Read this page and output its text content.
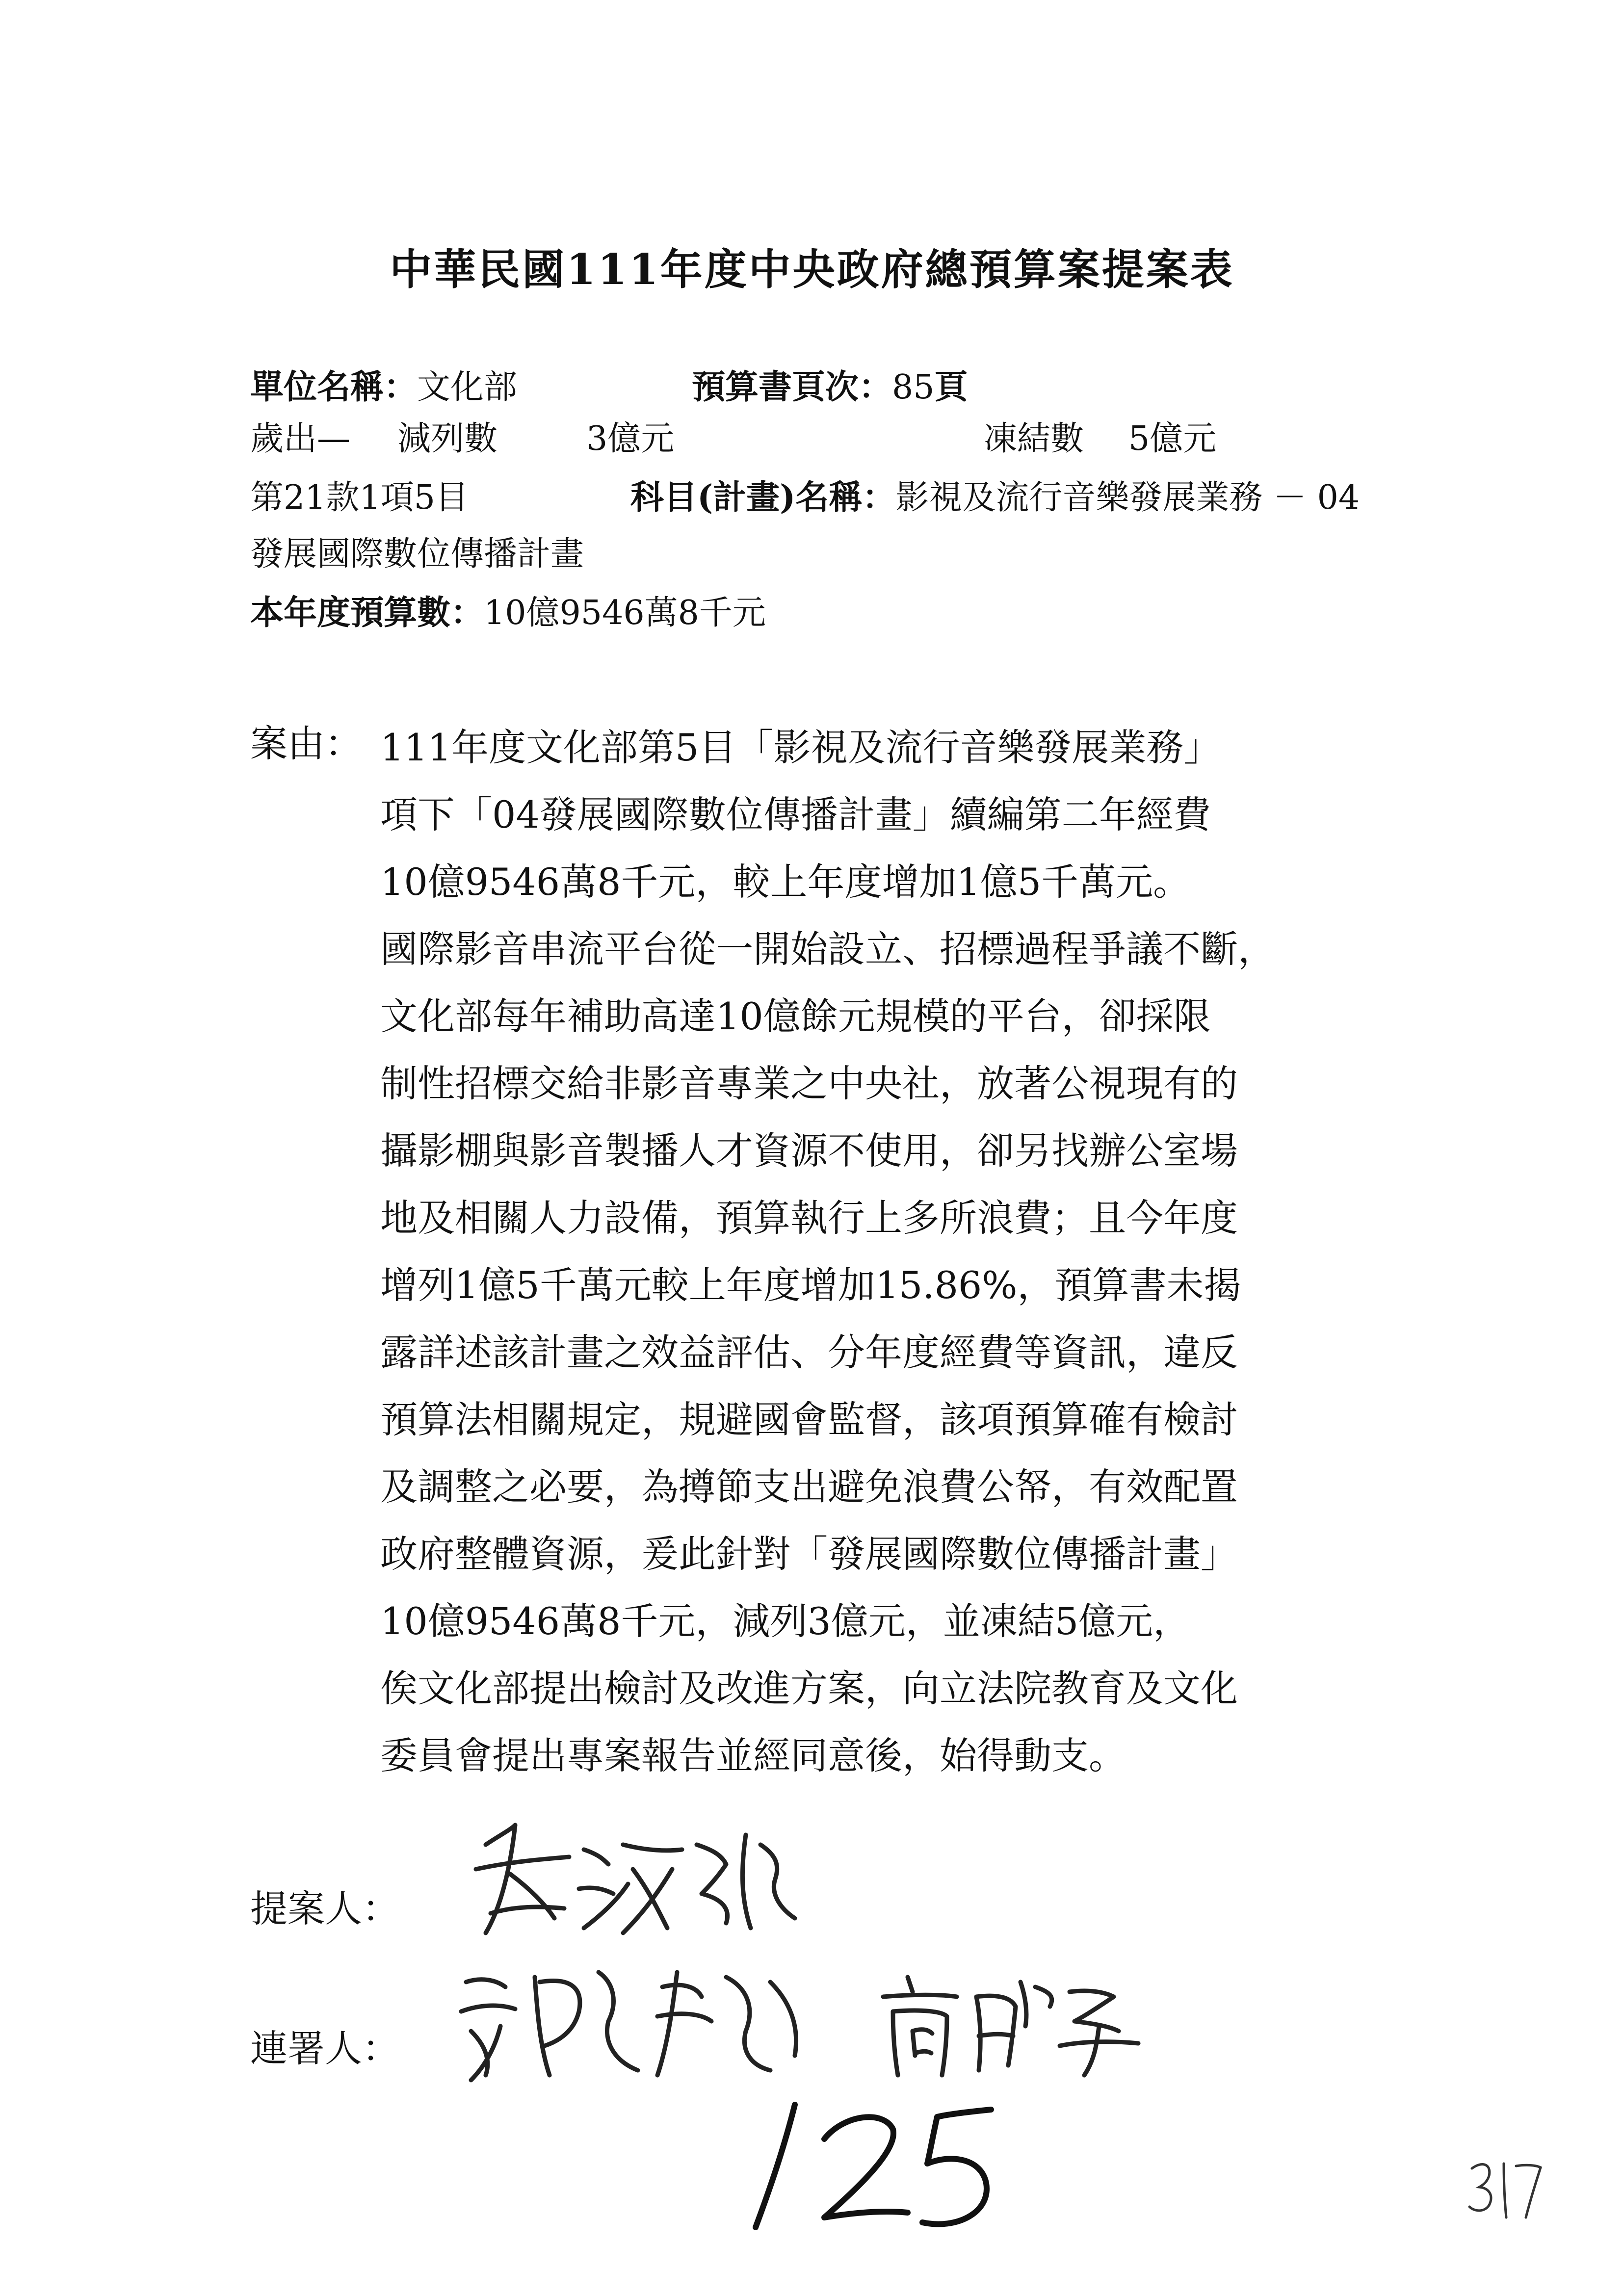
中華民國111年度中央政府總預算案提案表
單位名稱：文化部	預算書頁次：85頁
歲出— 減列數	3億元	凍結數 5億元
第21款1項5目	科目(計畫)名稱：影視及流行音樂發展業務 － 04
發展國際數位傳播計畫
本年度預算數：10億9546萬8千元
案由： 111年度文化部第5目「影視及流行音樂發展業務」
項下「04發展國際數位傳播計畫」續編第二年經費
10億9546萬8千元，較上年度增加1億5千萬元。
國際影音串流平台從一開始設立、招標過程爭議不斷，
文化部每年補助高達10億餘元規模的平台，卻採限
制性招標交給非影音專業之中央社，放著公視現有的
攝影棚與影音製播人才資源不使用，卻另找辦公室場
地及相關人力設備，預算執行上多所浪費；且今年度
增列1億5千萬元較上年度增加15.86%，預算書未揭
露詳述該計畫之效益評估、分年度經費等資訊，違反
預算法相關規定，規避國會監督，該項預算確有檢討
及調整之必要，為撙節支出避免浪費公帑，有效配置
政府整體資源，爰此針對「發展國際數位傳播計畫」
10億9546萬8千元，減列3億元，並凍結5億元，
俟文化部提出檢討及改進方案，向立法院教育及文化
委員會提出專案報告並經同意後，始得動支。
提案人：
連署人：
